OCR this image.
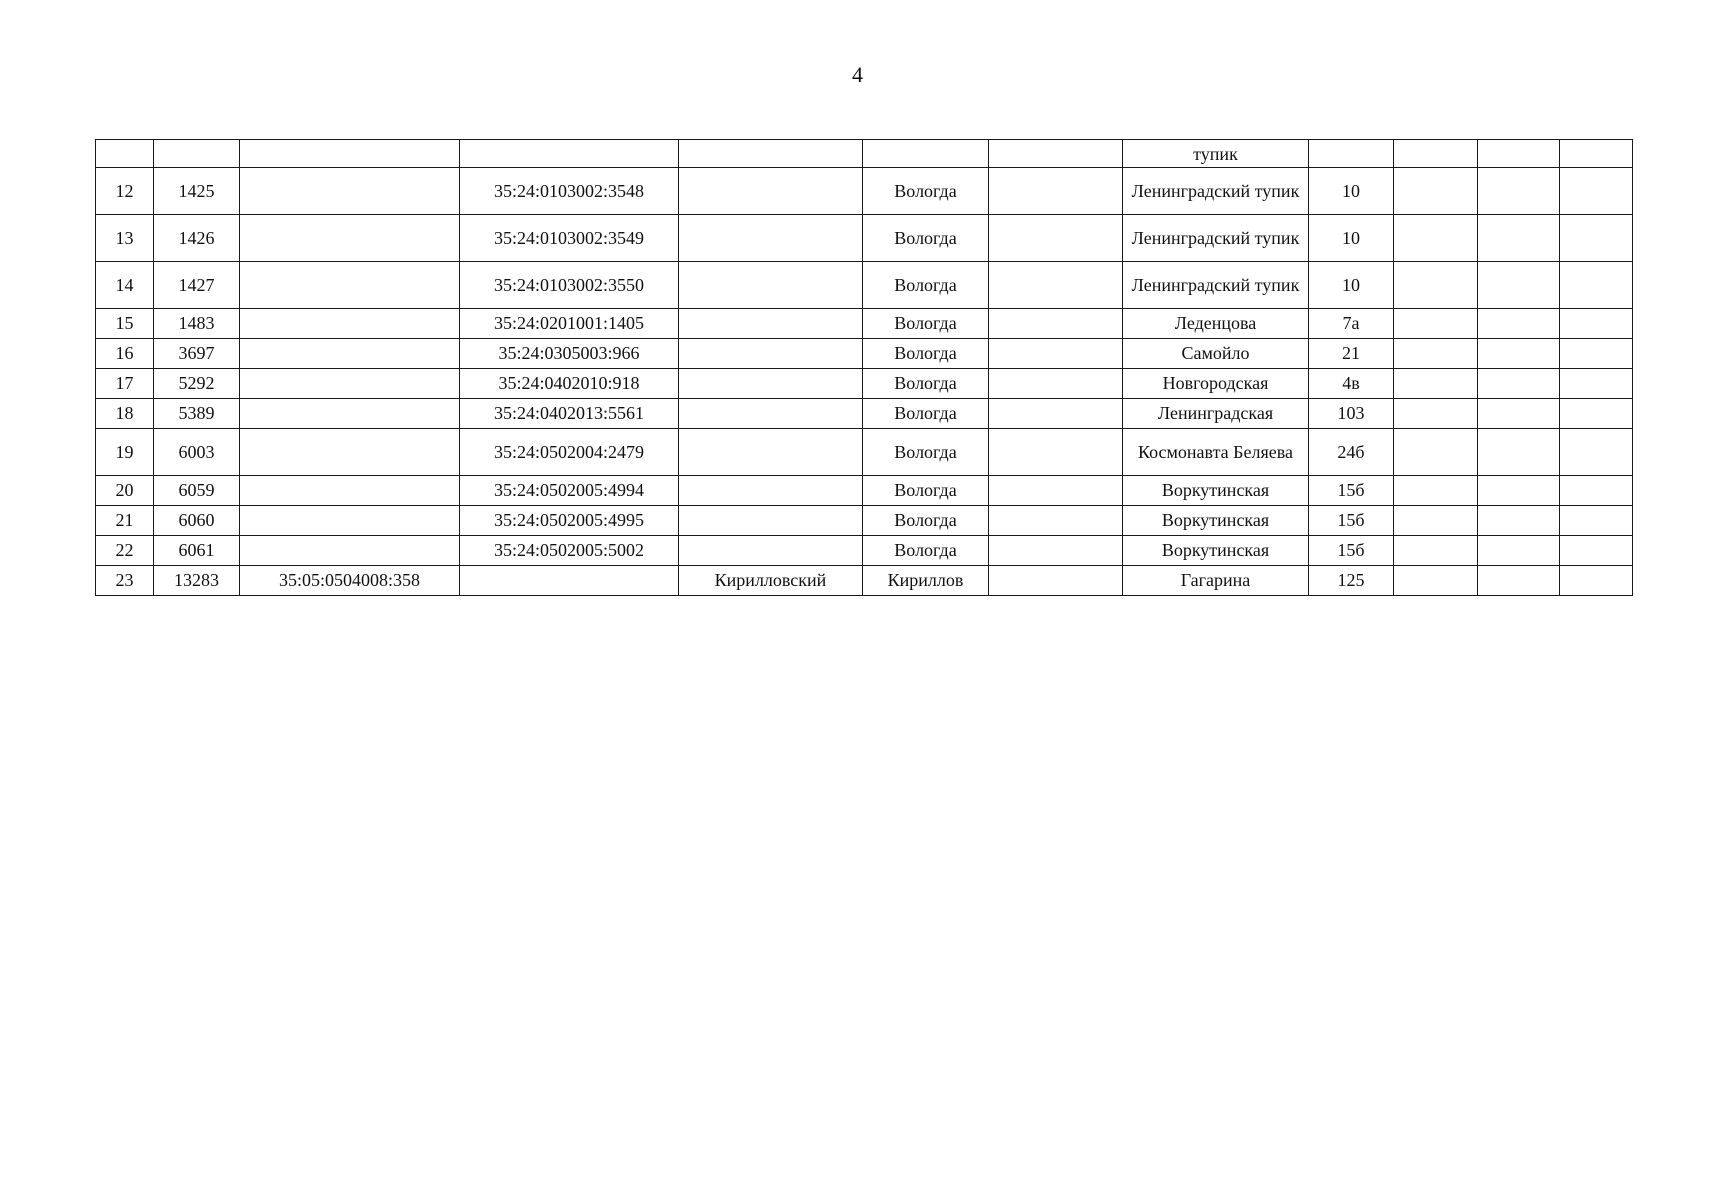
4
							тупик				
12	1425		35:24:0103002:3548		Вологда		Ленинградский тупик	10			
13	1426		35:24:0103002:3549		Вологда		Ленинградский тупик	10			
14	1427		35:24:0103002:3550		Вологда		Ленинградский тупик	10			
15	1483		35:24:0201001:1405		Вологда		Леденцова	7а			
16	3697		35:24:0305003:966		Вологда		Самойло	21			
17	5292		35:24:0402010:918		Вологда		Новгородская	4в			
18	5389		35:24:0402013:5561		Вологда		Ленинградская	103			
19	6003		35:24:0502004:2479		Вологда		Космонавта Беляева	24б			
20	6059		35:24:0502005:4994		Вологда		Воркутинская	15б			
21	6060		35:24:0502005:4995		Вологда		Воркутинская	15б			
22	6061		35:24:0502005:5002		Вологда		Воркутинская	15б			
23	13283	35:05:0504008:358		Кирилловский	Кириллов		Гагарина	125			
